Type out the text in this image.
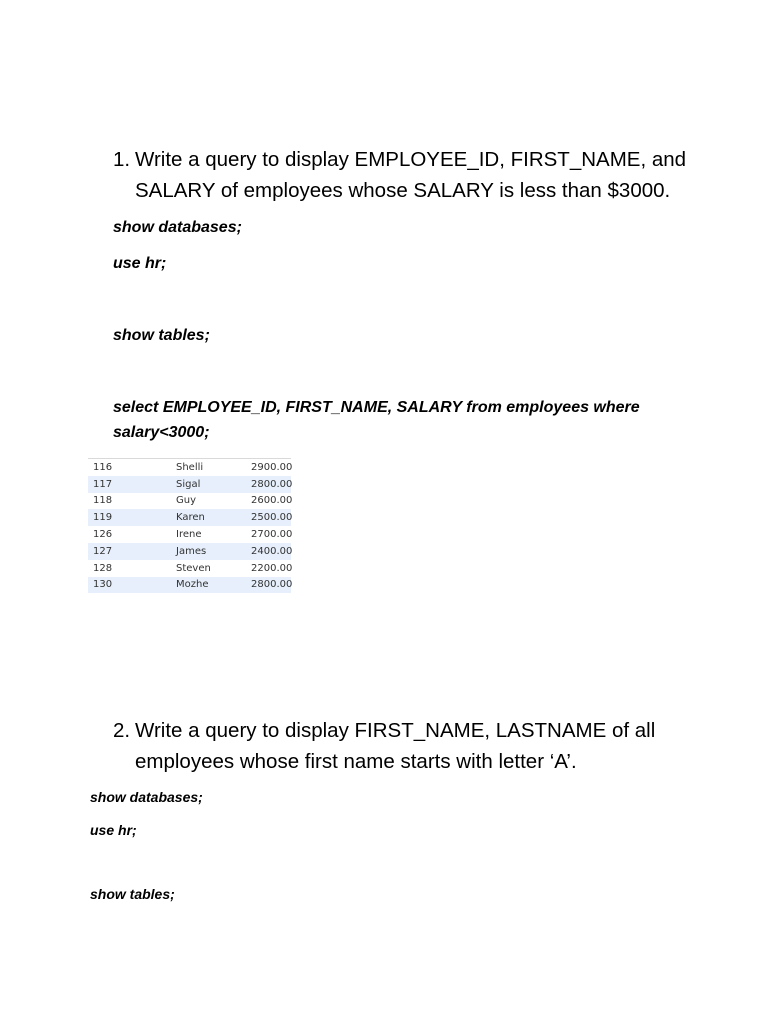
1. Write a query to display EMPLOYEE_ID, FIRST_NAME, and
SALARY of employees whose SALARY is less than $3000.
show databases;
use hr;
show tables;
select EMPLOYEE_ID, FIRST_NAME, SALARY from employees where
salary<3000;
116	Shelli	2900.00
117	Sigal	2800.00
118	Guy	2600.00
119	Karen	2500.00
126	Irene	2700.00
127	James	2400.00
128	Steven	2200.00
130	Mozhe	2800.00
2. Write a query to display FIRST_NAME, LASTNAME of all
employees whose first name starts with letter ‘A’.
show databases;
use hr;
show tables;
